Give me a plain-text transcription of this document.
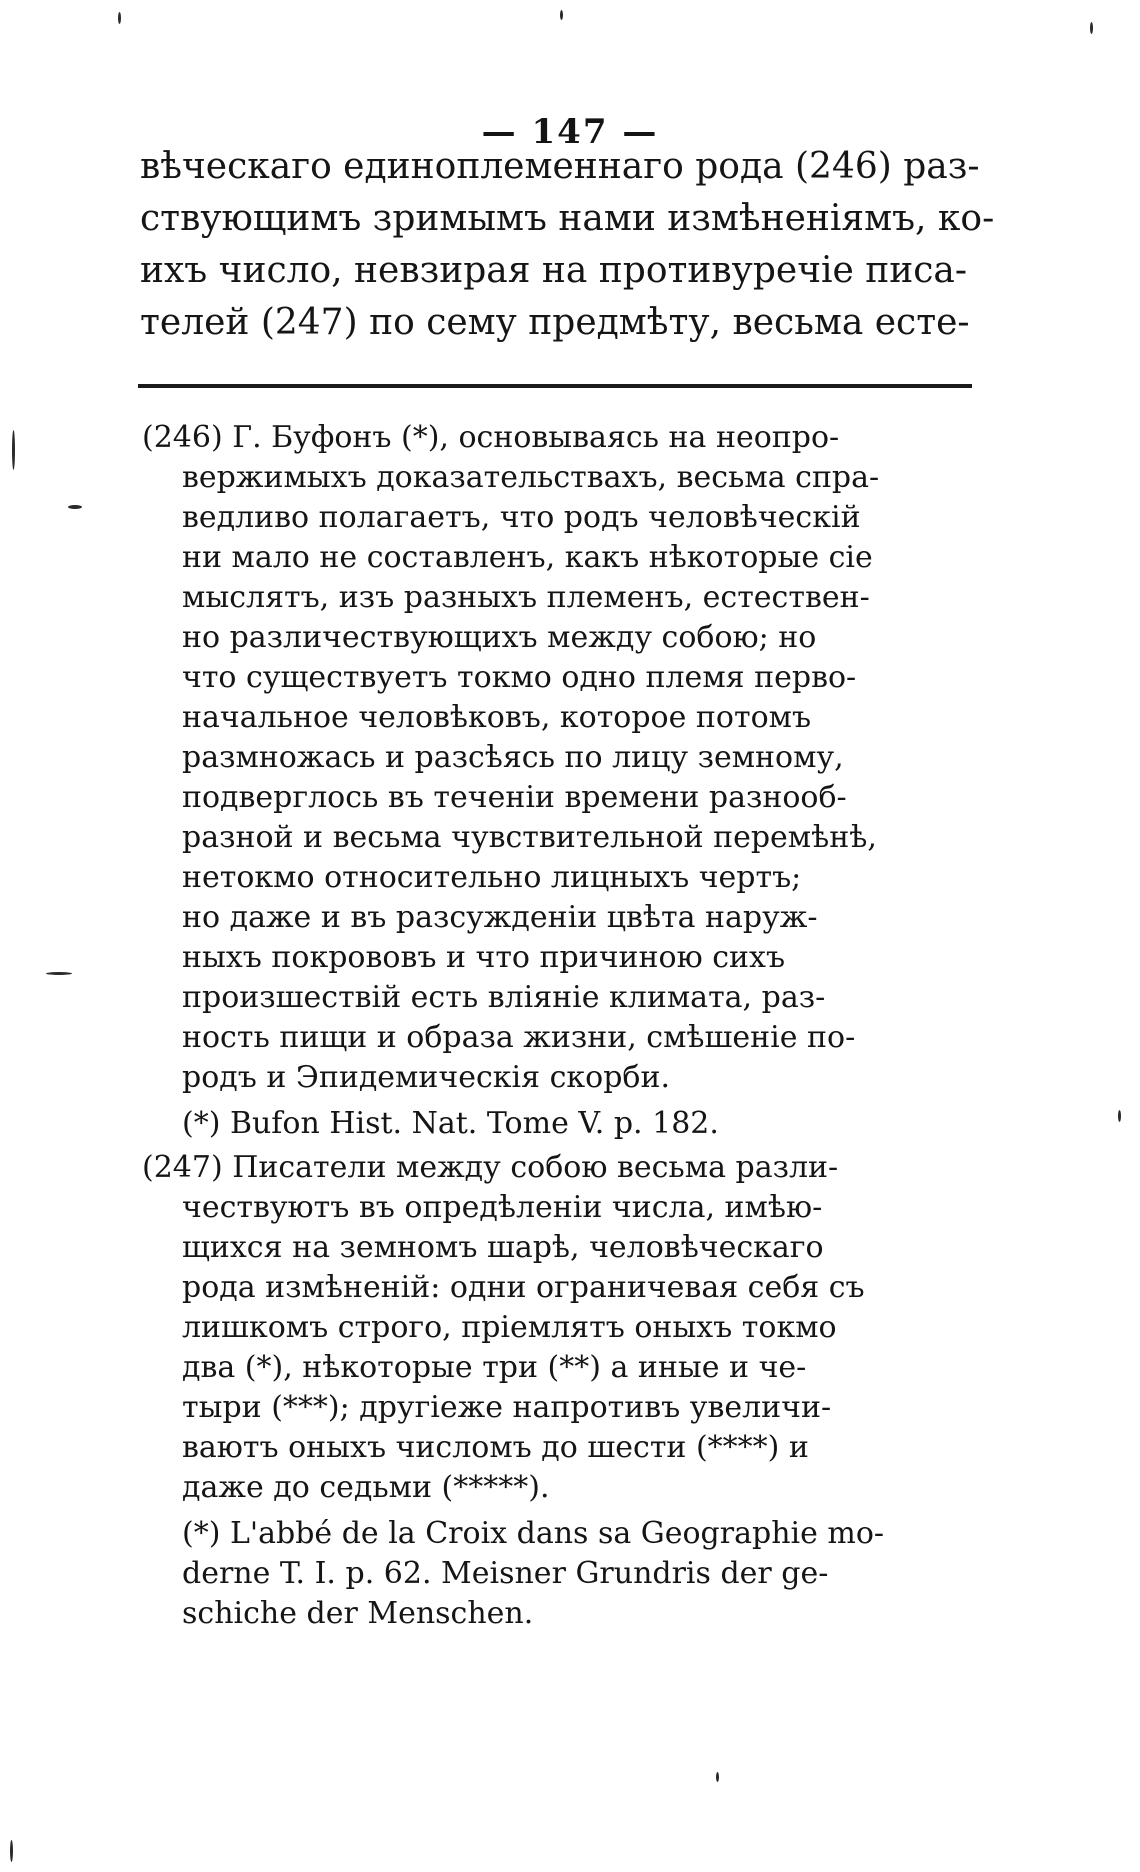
— 147 —
вѣческаго единоплеменнаго рода (246) раз-
ствующимъ зримымъ нами измѣненіямъ, ко-
ихъ число, невзирая на противуречіе писа-
телей (247) по сему предмѣту, весьма есте-
(246) Г. Буфонъ (*), основываясь на неопро-
вержимыхъ доказательствахъ, весьма спра-
ведливо полагаетъ, что родъ человѣческій
ни мало не составленъ, какъ нѣкоторые сіе
мыслятъ, изъ разныхъ племенъ, естествен-
но различествующихъ между собою; но
что существуетъ токмо одно племя перво-
начальное человѣковъ, которое потомъ
размножась и разсѣясь по лицу земному,
подверглось въ теченіи времени разнооб-
разной и весьма чувствительной перемѣнѣ,
нетокмо относительно лицныхъ чертъ;
но даже и въ разсужденіи цвѣта наруж-
ныхъ покрововъ и что причиною сихъ
произшествій есть вліяніе климата, раз-
ность пищи и образа жизни, смѣшеніе по-
родъ и Эпидемическія скорби.
(*) Bufon Hist. Nat. Tome V. p. 182.
(247) Писатели между собою весьма разли-
чествуютъ въ опредѣленіи числа, имѣю-
щихся на земномъ шарѣ, человѣческаго
рода измѣненій: одни ограничевая себя съ
лишкомъ строго, пріемлятъ оныхъ токмо
два (*), нѣкоторые три (**) а иные и че-
тыри (***); другіеже напротивъ увеличи-
ваютъ оныхъ числомъ до шести (****) и
даже до седьми (*****).
(*) L'abbé de la Croix dans sa Geographie mo-
derne T. I. p. 62. Meisner Grundris der ge-
schiche der Menschen.
